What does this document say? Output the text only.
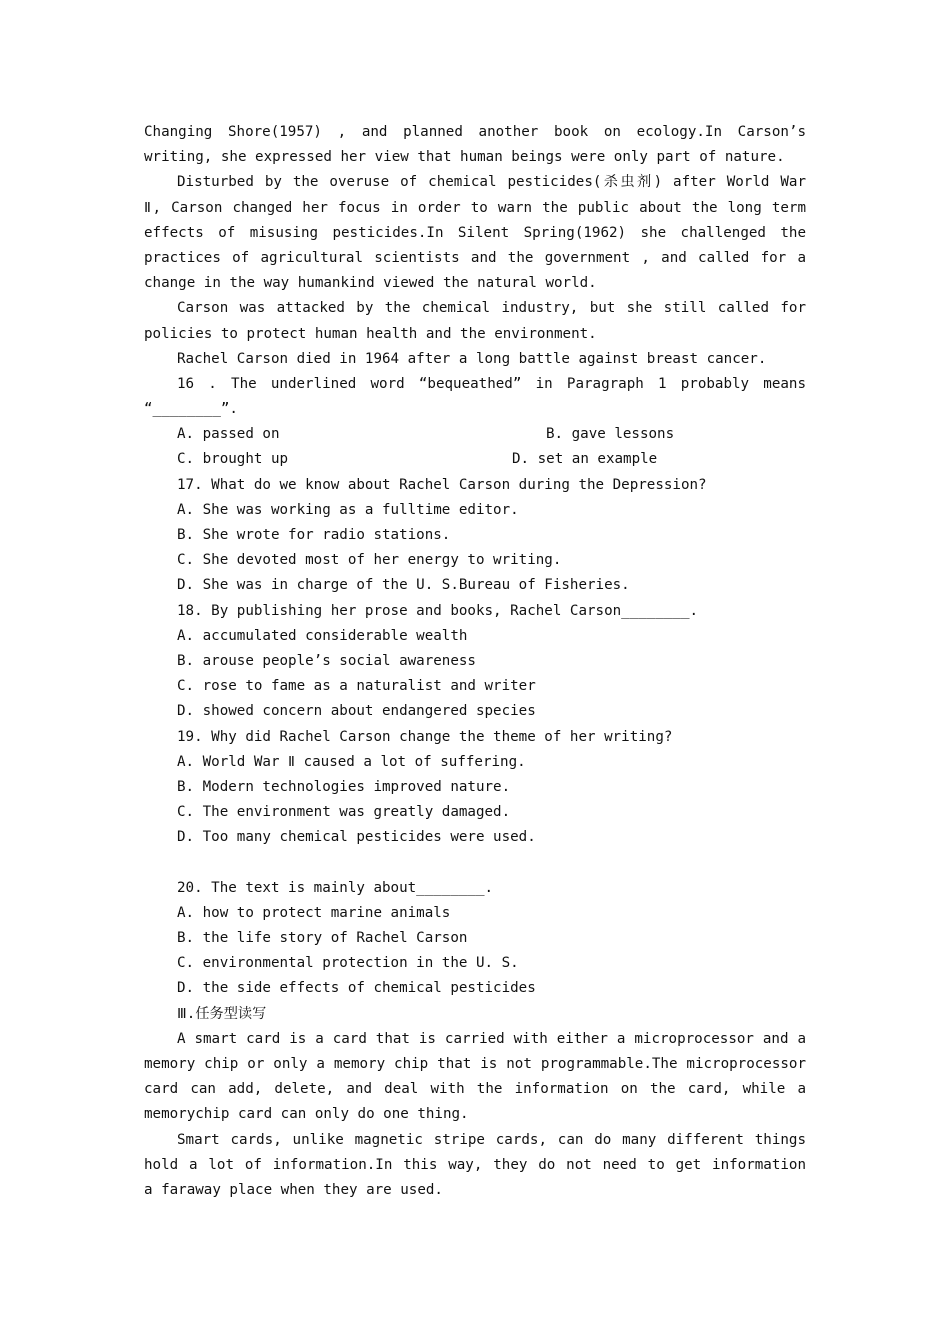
Changing Shore(1957) , and planned another book on ecology.In Carson’s
writing, she expressed her view that human beings were only part of nature.
Disturbed by the overuse of chemical pesticides(杀虫剂) after World War
Ⅱ, Carson changed her focus in order to warn the public about the long term
effects of misusing pesticides.In Silent Spring(1962) she challenged the
practices of agricultural scientists and the government , and called for a
change in the way humankind viewed the natural world.
Carson was attacked by the chemical industry, but she still called for
policies to protect human health and the environment.
Rachel Carson died in 1964 after a long battle against breast cancer.
16 . The underlined word “bequeathed” in Paragraph 1 probably means
“________”.

A. passed on

	B. gave lessons

C. brought up

	D. set an example

17. What do we know about Rachel Carson during the Depression?
A. She was working as a fulltime editor.
B. She wrote for radio stations.
C. She devoted most of her energy to writing.
D. She was in charge of the U. S.Bureau of Fisheries.
18. By publishing her prose and books, Rachel Carson________.
A. accumulated considerable wealth
B. arouse people’s social awareness
C. rose to fame as a naturalist and writer
D. showed concern about endangered species
19. Why did Rachel Carson change the theme of her writing?
A. World War Ⅱ caused a lot of suffering.
B. Modern technologies improved nature.
C. The environment was greatly damaged.
D. Too many chemical pesticides were used.
20. The text is mainly about________.
A. how to protect marine animals
B. the life story of Rachel Carson
C. environmental protection in the U. S.
D. the side effects of chemical pesticides
Ⅲ.任务型读写
A smart card is a card that is carried with either a microprocessor and a
memory chip or only a memory chip that is not programmable.The microprocessor
card can add, delete, and deal with the information on the card, while a
memorychip card can only do one thing.
Smart cards, unlike magnetic stripe cards, can do many different things
hold a lot of information.In this way, they do not need to get information
a faraway place when they are used.
